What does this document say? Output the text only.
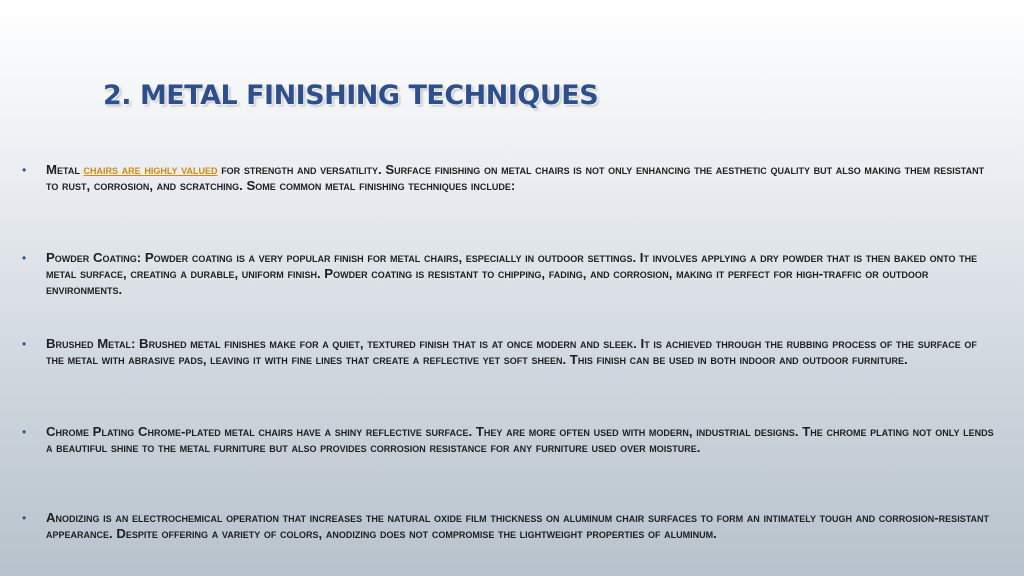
2. METAL FINISHING TECHNIQUES
• Metal chairs are highly valued for strength and versatility. Surface finishing on metal chairs is not only enhancing the aesthetic quality but also making them resistant to rust, corrosion, and scratching. Some common metal finishing techniques include:
• Powder Coating: Powder coating is a very popular finish for metal chairs, especially in outdoor settings. It involves applying a dry powder that is then baked onto the metal surface, creating a durable, uniform finish. Powder coating is resistant to chipping, fading, and corrosion, making it perfect for high-traffic or outdoor environments.
• Brushed Metal: Brushed metal finishes make for a quiet, textured finish that is at once modern and sleek. It is achieved through the rubbing process of the surface of the metal with abrasive pads, leaving it with fine lines that create a reflective yet soft sheen. This finish can be used in both indoor and outdoor furniture.
• Chrome Plating Chrome-plated metal chairs have a shiny reflective surface. They are more often used with modern, industrial designs. The chrome plating not only lends a beautiful shine to the metal furniture but also provides corrosion resistance for any furniture used over moisture.
• Anodizing is an electrochemical operation that increases the natural oxide film thickness on aluminum chair surfaces to form an intimately tough and corrosion-resistant appearance. Despite offering a variety of colors, anodizing does not compromise the lightweight properties of aluminum.
